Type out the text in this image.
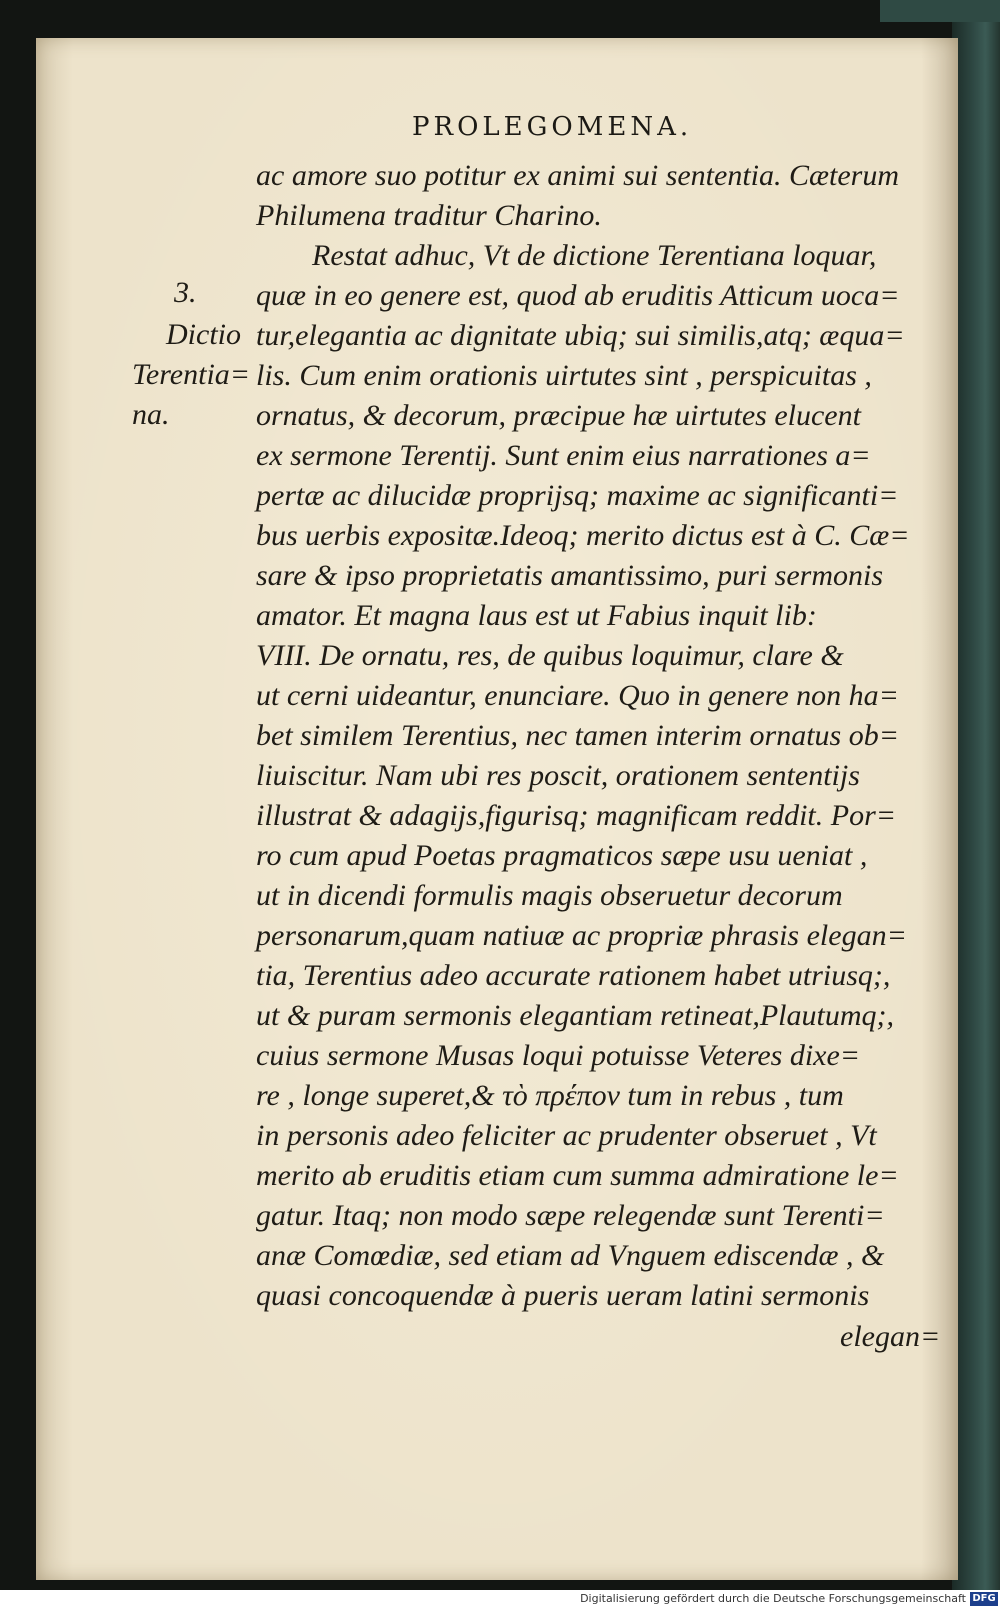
PROLEGOMENA.
3.
Dictio
Terentia=
na.
ac amore suo potitur ex animi sui sententia. Cæterum
Philumena traditur Charino.
Restat adhuc, Vt de dictione Terentiana loquar,
quæ in eo genere est, quod ab eruditis Atticum uoca=
tur,elegantia ac dignitate ubiq; sui similis,atq; æqua=
lis. Cum enim orationis uirtutes sint , perspicuitas ,
ornatus, & decorum, præcipue hæ uirtutes elucent
ex sermone Terentij. Sunt enim eius narrationes a=
pertæ ac dilucidæ proprijsq; maxime ac significanti=
bus uerbis expositæ.Ideoq; merito dictus est à C. Cæ=
sare & ipso proprietatis amantissimo, puri sermonis
amator. Et magna laus est ut Fabius inquit lib:
VIII. De ornatu, res, de quibus loquimur, clare &
ut cerni uideantur, enunciare. Quo in genere non ha=
bet similem Terentius, nec tamen interim ornatus ob=
liuiscitur. Nam ubi res poscit, orationem sententijs
illustrat & adagijs,figurisq; magnificam reddit. Por=
ro cum apud Poetas pragmaticos sæpe usu ueniat ,
ut in dicendi formulis magis obseruetur decorum
personarum,quam natiuæ ac propriæ phrasis elegan=
tia, Terentius adeo accurate rationem habet utriusq;,
ut & puram sermonis elegantiam retineat,Plautumq;,
cuius sermone Musas loqui potuisse Veteres dixe=
re , longe superet,& τὸ πρέπον tum in rebus , tum
in personis adeo feliciter ac prudenter obseruet , Vt
merito ab eruditis etiam cum summa admiratione le=
gatur. Itaq; non modo sæpe relegendæ sunt Terenti=
anæ Comœdiæ, sed etiam ad Vnguem ediscendæ , &
quasi concoquendæ à pueris ueram latini sermonis
elegan=
Digitalisierung gefördert durch die Deutsche Forschungsgemeinschaft DFG
